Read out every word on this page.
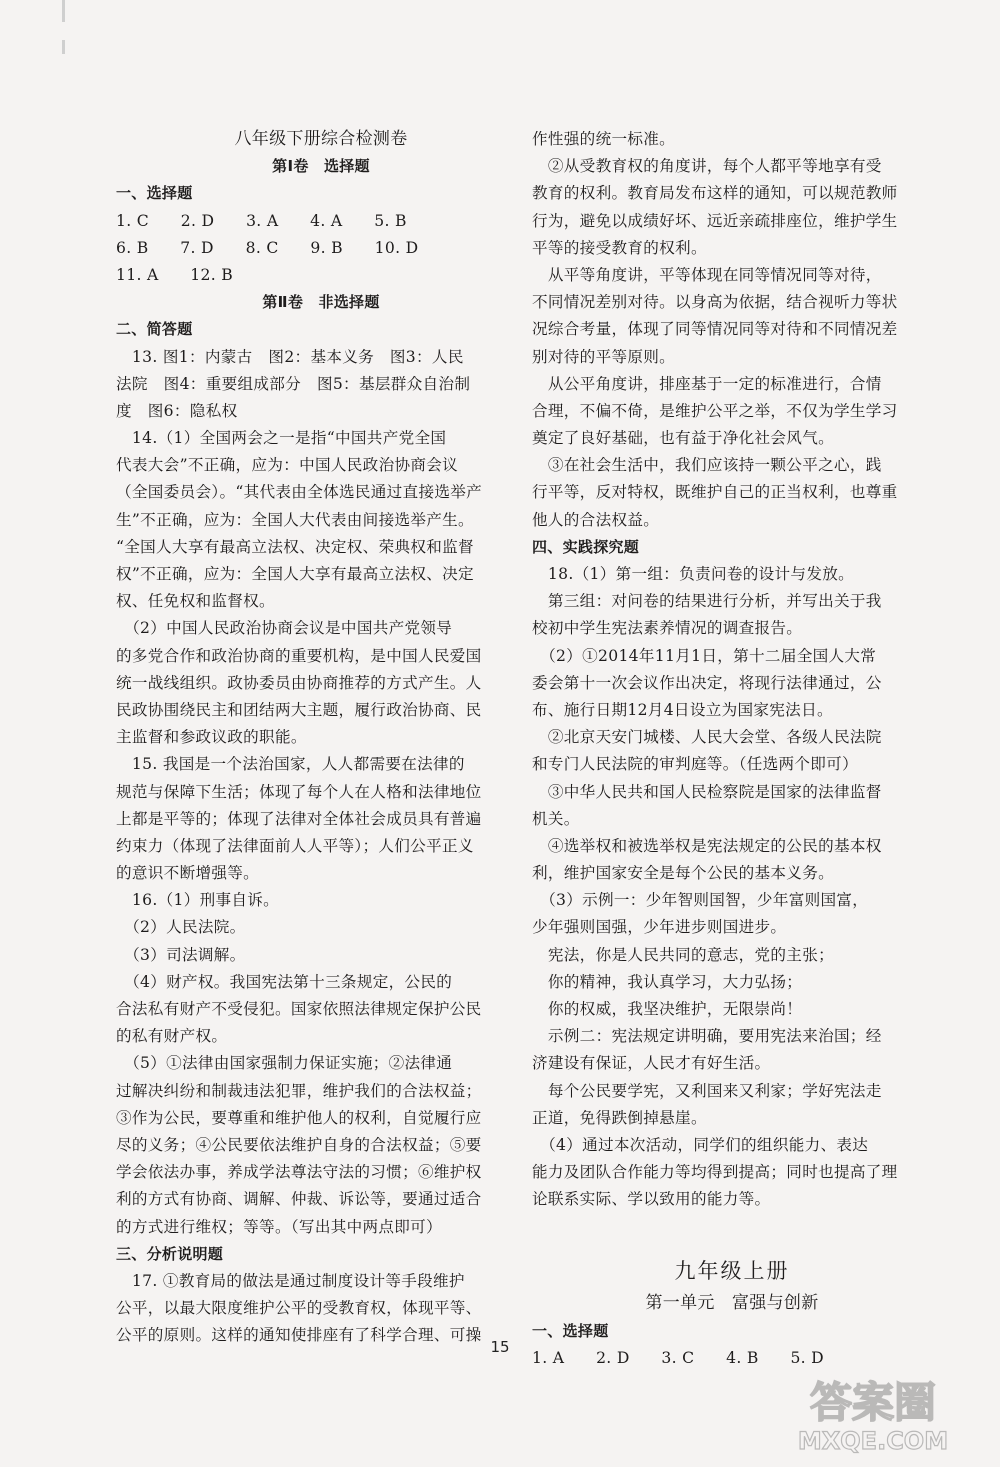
八年级下册综合检测卷
第Ⅰ卷　选择题
一、选择题
1. C　　2. D　　3. A　　4. A　　5. B
6. B　　7. D　　8. C　　9. B　　10. D
11. A　　12. B
第Ⅱ卷　非选择题
二、简答题
　13. 图1：内蒙古　图2：基本义务　图3：人民
法院　图4：重要组成部分　图5：基层群众自治制
度　图6：隐私权
　14.（1）全国两会之一是指“中国共产党全国
代表大会”不正确，应为：中国人民政治协商会议
（全国委员会）。“其代表由全体选民通过直接选举产
生”不正确，应为：全国人大代表由间接选举产生。
“全国人大享有最高立法权、决定权、荣典权和监督
权”不正确，应为：全国人大享有最高立法权、决定
权、任免权和监督权。
　（2）中国人民政治协商会议是中国共产党领导
的多党合作和政治协商的重要机构，是中国人民爱国
统一战线组织。政协委员由协商推荐的方式产生。人
民政协围绕民主和团结两大主题，履行政治协商、民
主监督和参政议政的职能。
　15. 我国是一个法治国家，人人都需要在法律的
规范与保障下生活；体现了每个人在人格和法律地位
上都是平等的；体现了法律对全体社会成员具有普遍
约束力（体现了法律面前人人平等）；人们公平正义
的意识不断增强等。
　16.（1）刑事自诉。
　（2）人民法院。
　（3）司法调解。
　（4）财产权。我国宪法第十三条规定，公民的
合法私有财产不受侵犯。国家依照法律规定保护公民
的私有财产权。
　（5）①法律由国家强制力保证实施；②法律通
过解决纠纷和制裁违法犯罪，维护我们的合法权益；
③作为公民，要尊重和维护他人的权利，自觉履行应
尽的义务；④公民要依法维护自身的合法权益；⑤要
学会依法办事，养成学法尊法守法的习惯；⑥维护权
利的方式有协商、调解、仲裁、诉讼等，要通过适合
的方式进行维权；等等。（写出其中两点即可）
三、分析说明题
　17. ①教育局的做法是通过制度设计等手段维护
公平，以最大限度维护公平的受教育权，体现平等、
公平的原则。这样的通知使排座有了科学合理、可操
作性强的统一标准。
　②从受教育权的角度讲，每个人都平等地享有受
教育的权利。教育局发布这样的通知，可以规范教师
行为，避免以成绩好坏、远近亲疏排座位，维护学生
平等的接受教育的权利。
　从平等角度讲，平等体现在同等情况同等对待，
不同情况差别对待。以身高为依据，结合视听力等状
况综合考量，体现了同等情况同等对待和不同情况差
别对待的平等原则。
　从公平角度讲，排座基于一定的标准进行，合情
合理，不偏不倚，是维护公平之举，不仅为学生学习
奠定了良好基础，也有益于净化社会风气。
　③在社会生活中，我们应该持一颗公平之心，践
行平等，反对特权，既维护自己的正当权利，也尊重
他人的合法权益。
四、实践探究题
　18.（1）第一组：负责问卷的设计与发放。
　第三组：对问卷的结果进行分析，并写出关于我
校初中学生宪法素养情况的调查报告。
　（2）①2014年11月1日，第十二届全国人大常
委会第十一次会议作出决定，将现行法律通过，公
布、施行日期12月4日设立为国家宪法日。
　②北京天安门城楼、人民大会堂、各级人民法院
和专门人民法院的审判庭等。（任选两个即可）
　③中华人民共和国人民检察院是国家的法律监督
机关。
　④选举权和被选举权是宪法规定的公民的基本权
利，维护国家安全是每个公民的基本义务。
　（3）示例一：少年智则国智，少年富则国富，
少年强则国强，少年进步则国进步。
　宪法，你是人民共同的意志，党的主张；
　你的精神，我认真学习，大力弘扬；
　你的权威，我坚决维护，无限崇尚！
　示例二：宪法规定讲明确，要用宪法来治国；经
济建设有保证，人民才有好生活。
　每个公民要学宪，又利国来又利家；学好宪法走
正道，免得跌倒掉悬崖。
　（4）通过本次活动，同学们的组织能力、表达
能力及团队合作能力等均得到提高；同时也提高了理
论联系实际、学以致用的能力等。
九年级上册
第一单元　富强与创新
一、选择题
1. A　　2. D　　3. C　　4. B　　5. D
15
答案圈
MXQE.COM
